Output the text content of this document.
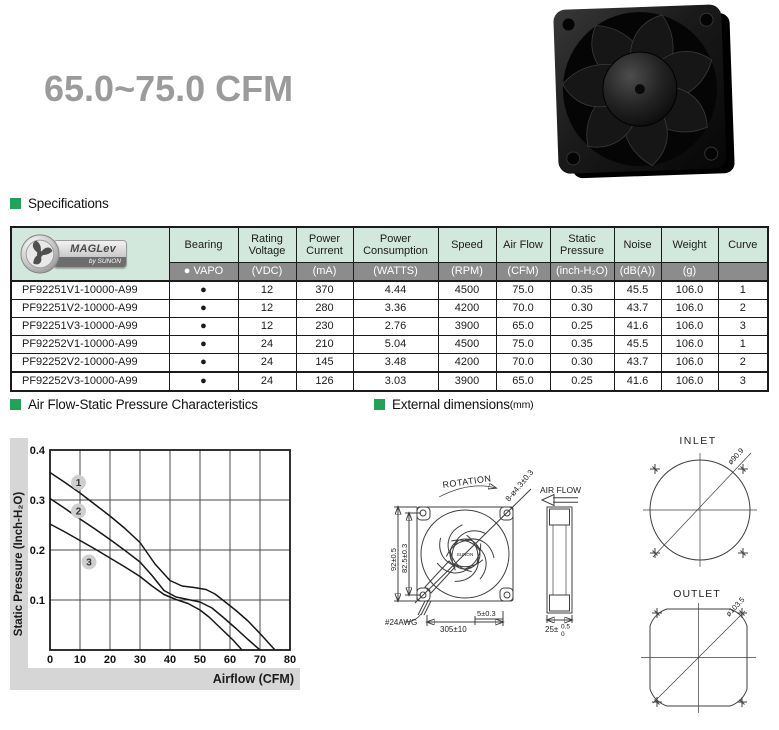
65.0~75.0 CFM
Specifications
MAGLev
by SUNON	Bearing	Rating Voltage	Power Current	Power Consumption	Speed	Air Flow	Static Pressure	Noise	Weight	Curve
	● VAPO	(VDC)	(mA)	(WATTS)	(RPM)	(CFM)	(inch-H₂O)	(dB(A))	(g)	
PF92251V1-10000-A99	●	12	370	4.44	4500	75.0	0.35	45.5	106.0	1
PF92251V2-10000-A99	●	12	280	3.36	4200	70.0	0.30	43.7	106.0	2
PF92251V3-10000-A99	●	12	230	2.76	3900	65.0	0.25	41.6	106.0	3
PF92252V1-10000-A99	●	24	210	5.04	4500	75.0	0.35	45.5	106.0	1
PF92252V2-10000-A99	●	24	145	3.48	4200	70.0	0.30	43.7	106.0	2
PF92252V3-10000-A99	●	24	126	3.03	3900	65.0	0.25	41.6	106.0	3
Air Flow-Static Pressure Characteristics	External dimensions (mm)
Static Pressure (Inch-H₂O)
Airflow (CFM)
1
2
3
0 10 20 30 40 50 60 70 80
0.1
0.2
0.3
0.4
SUNON
ROTATION 8-ø4.3±0.3
92±0.5 82.5±0.3
#24AWG
305±10
5±0.3
AIR FLOW
25± 0.5
0
INLET
ø90.9
OUTLET
ø103.5
